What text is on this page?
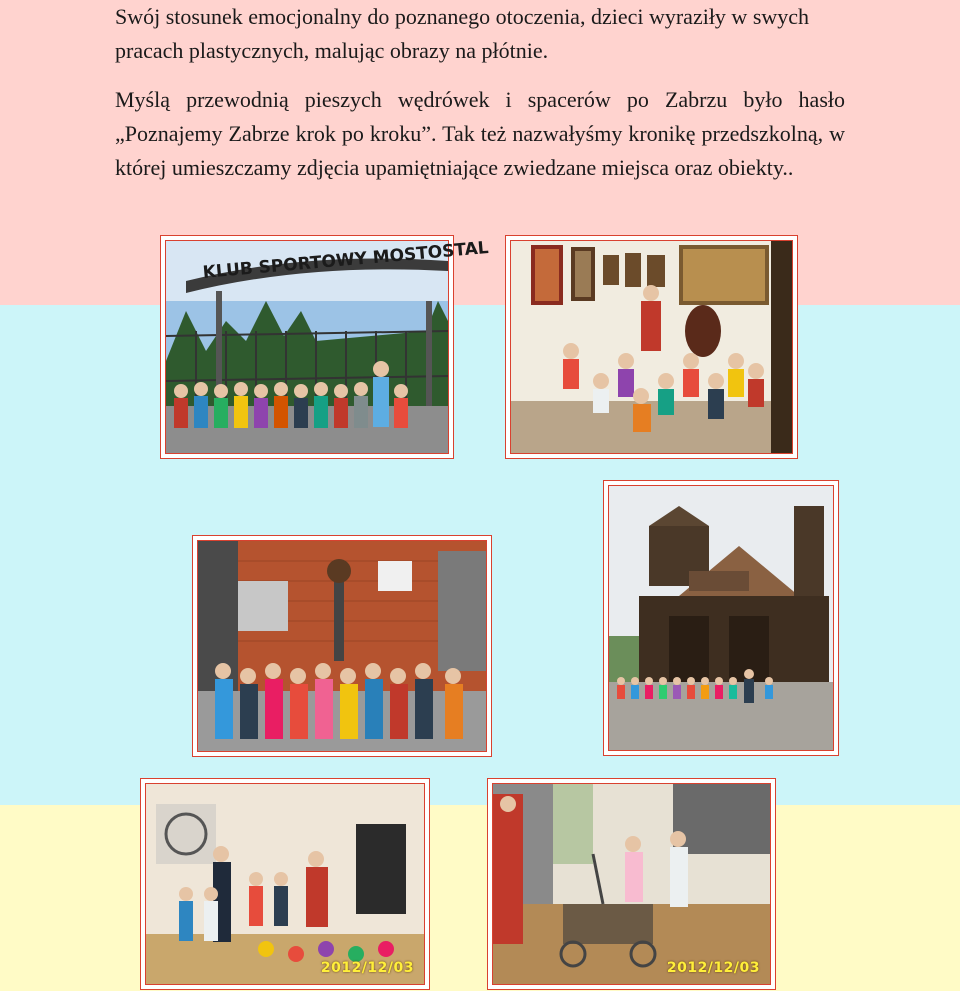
Swój stosunek emocjonalny do poznanego otoczenia, dzieci wyraziły w swych pracach plastycznych, malując obrazy na płótnie.

Myślą przewodnią pieszych wędrówek i spacerów po Zabrzu było hasło „Poznajemy Zabrze krok po kroku”. Tak też nazwałyśmy kronikę przedszkolną, w której umieszczamy zdjęcia upamiętniające zwiedzane miejsca oraz obiekty..

KLUB SPORTOWY MOSTOSTAL
2012/12/03	2012/12/03
